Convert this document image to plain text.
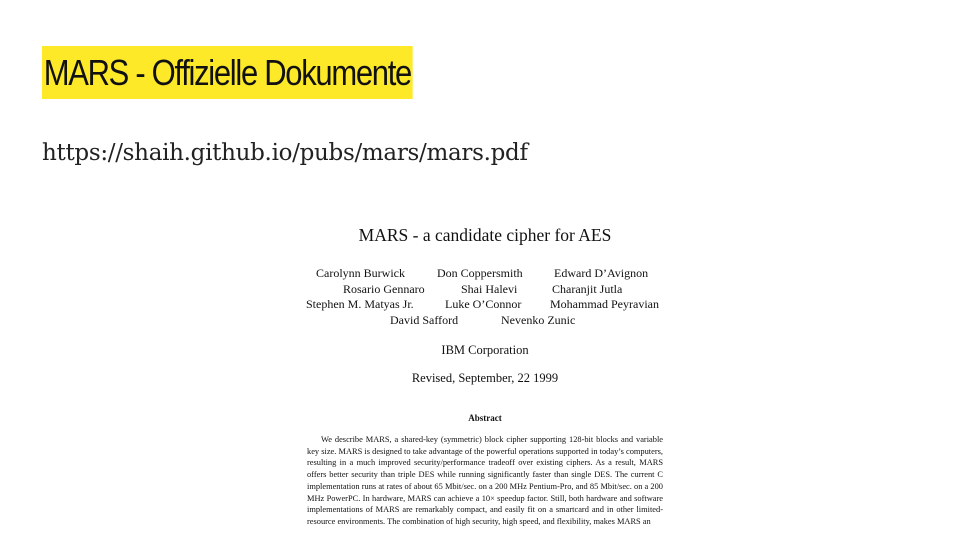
MARS - Offizielle Dokumente
https://shaih.github.io/pubs/mars/mars.pdf
MARS - a candidate cipher for AES
Carolynn Burwick	Don Coppersmith	Edward D’Avignon
Rosario Gennaro	Shai Halevi	Charanjit Jutla
Stephen M. Matyas Jr.	Luke O’Connor Mohammad Peyravian
David Safford	Nevenko Zunic
IBM Corporation
Revised, September, 22 1999
Abstract

We describe MARS, a shared-key (symmetric) block cipher supporting 128-bit blocks and variable key size. MARS is designed to take advantage of the powerful operations supported in today’s computers, resulting in a much improved security/performance tradeoff over existing ciphers. As a result, MARS offers better security than triple DES while running significantly faster than single DES. The current C implementation runs at rates of about 65 Mbit/sec. on a 200 MHz Pentium-Pro, and 85 Mbit/sec. on a 200 MHz PowerPC. In hardware, MARS can achieve a 10× speedup factor. Still, both hardware and software implementations of MARS are remarkably compact, and easily fit on a smartcard and in other limited-resource environments. The combination of high security, high speed, and flexibility, makes MARS an
